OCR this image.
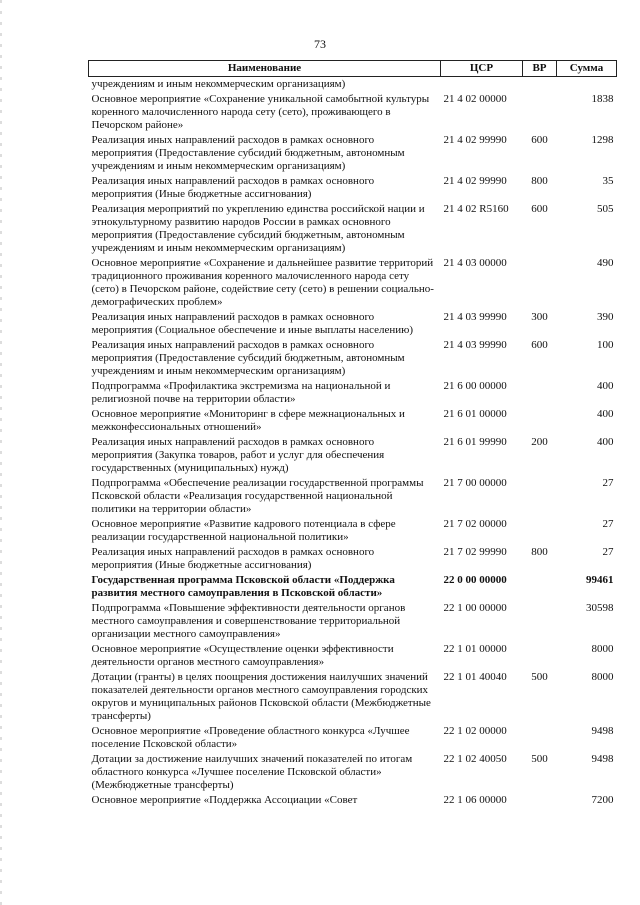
73
Наименование	ЦСР	ВР	Сумма
учреждениям и иным некоммерческим организациям)			
Основное мероприятие «Сохранение уникальной самобытной культуры коренного малочисленного народа сету (сето), проживающего в Печорском районе»	21 4 02 00000		1838
Реализация иных направлений расходов в рамках основного мероприятия (Предоставление субсидий бюджетным, автономным учреждениям и иным некоммерческим организациям)	21 4 02 99990	600	1298
Реализация иных направлений расходов в рамках основного мероприятия (Иные бюджетные ассигнования)	21 4 02 99990	800	35
Реализация мероприятий по укреплению единства российской нации и этнокультурному развитию народов России в рамках основного мероприятия (Предоставление субсидий бюджетным, автономным учреждениям и иным некоммерческим организациям)	21 4 02 R5160	600	505
Основное мероприятие «Сохранение и дальнейшее развитие территорий традиционного проживания коренного малочисленного народа сету (сето) в Печорском районе, содействие сету (сето) в решении социально-демографических проблем»	21 4 03 00000		490
Реализация иных направлений расходов в рамках основного мероприятия (Социальное обеспечение и иные выплаты населению)	21 4 03 99990	300	390
Реализация иных направлений расходов в рамках основного мероприятия (Предоставление субсидий бюджетным, автономным учреждениям и иным некоммерческим организациям)	21 4 03 99990	600	100
Подпрограмма «Профилактика экстремизма на национальной и религиозной почве на территории области»	21 6 00 00000		400
Основное мероприятие «Мониторинг в сфере межнациональных и межконфессиональных отношений»	21 6 01 00000		400
Реализация иных направлений расходов в рамках основного мероприятия (Закупка товаров, работ и услуг для обеспечения государственных (муниципальных) нужд)	21 6 01 99990	200	400
Подпрограмма «Обеспечение реализации государственной программы Псковской области «Реализация государственной национальной политики на территории области»	21 7 00 00000		27
Основное мероприятие «Развитие кадрового потенциала в сфере реализации государственной национальной политики»	21 7 02 00000		27
Реализация иных направлений расходов в рамках основного мероприятия (Иные бюджетные ассигнования)	21 7 02 99990	800	27
Государственная программа Псковской области «Поддержка развития местного самоуправления в Псковской области»	22 0 00 00000		99461
Подпрограмма «Повышение эффективности деятельности органов местного самоуправления и совершенствование территориальной организации местного самоуправления»	22 1 00 00000		30598
Основное мероприятие «Осуществление оценки эффективности деятельности органов местного самоуправления»	22 1 01 00000		8000
Дотации (гранты) в целях поощрения достижения наилучших значений показателей деятельности органов местного самоуправления городских округов и муниципальных районов Псковской области (Межбюджетные трансферты)	22 1 01 40040	500	8000
Основное мероприятие «Проведение областного конкурса «Лучшее поселение Псковской области»	22 1 02 00000		9498
Дотации за достижение наилучших значений показателей по итогам областного конкурса «Лучшее поселение Псковской области» (Межбюджетные трансферты)	22 1 02 40050	500	9498
Основное мероприятие «Поддержка Ассоциации «Совет	22 1 06 00000		7200
